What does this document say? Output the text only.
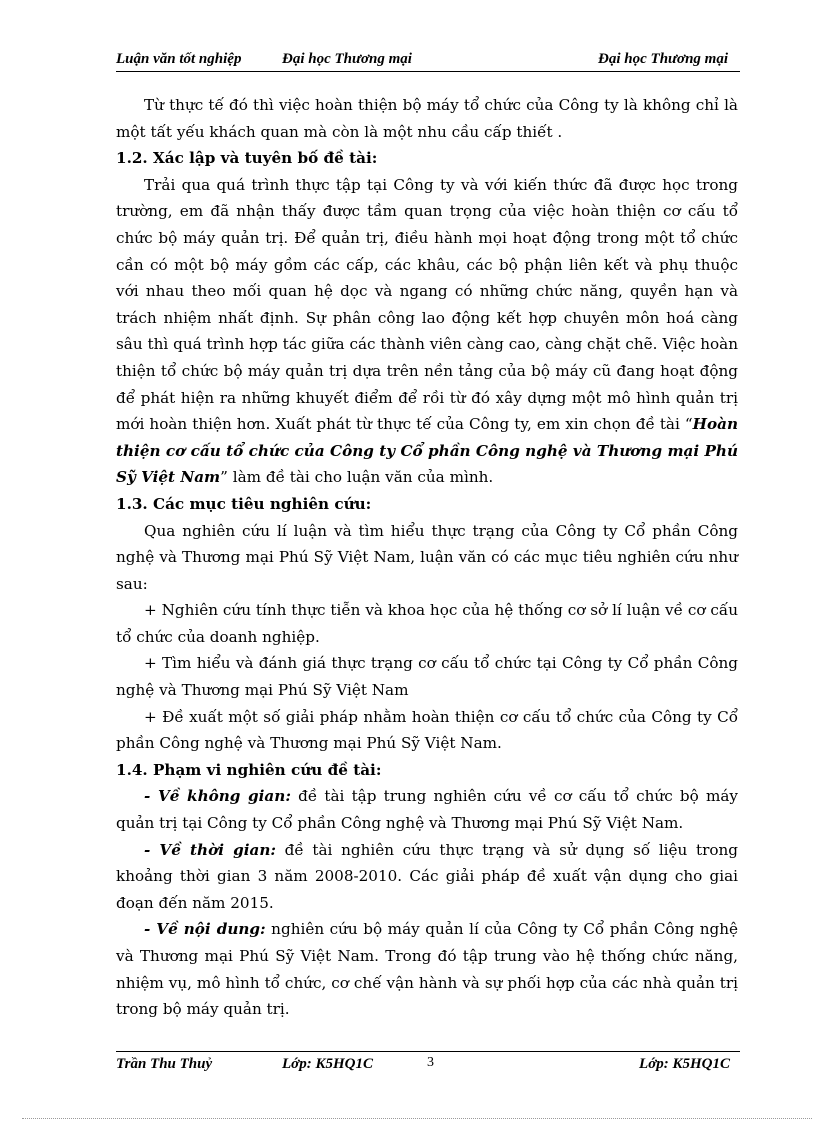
Luận văn tốt nghiệp	Đại học Thương mại	Đại học Thương mại

Từ thực tế đó thì việc hoàn thiện bộ máy tổ chức của Công ty là không chỉ là một tất yếu khách quan mà còn là một nhu cầu cấp thiết .

1.2. Xác lập và tuyên bố đề tài:

Trải qua quá trình thực tập tại Công ty và với kiến thức đã được học trong trường, em đã nhận thấy được tầm quan trọng của việc hoàn thiện cơ cấu tổ chức bộ máy quản trị. Để quản trị, điều hành mọi hoạt động trong một tổ chức cần có một bộ máy gồm các cấp, các khâu, các bộ phận liên kết và phụ thuộc với nhau theo mối quan hệ dọc và ngang có những chức năng, quyền hạn và trách nhiệm nhất định. Sự phân công lao động kết hợp chuyên môn hoá càng sâu thì quá trình hợp tác giữa các thành viên càng cao, càng chặt chẽ. Việc hoàn thiện tổ chức bộ máy quản trị dựa trên nền tảng của bộ máy cũ đang hoạt động để phát hiện ra những khuyết điểm để rồi từ đó xây dựng một mô hình quản trị mới hoàn thiện hơn. Xuất phát từ thực tế của Công ty, em xin chọn đề tài “Hoàn thiện cơ cấu tổ chức của Công ty Cổ phần Công nghệ và Thương mại Phú Sỹ Việt Nam” làm đề tài cho luận văn của mình.

1.3. Các mục tiêu nghiên cứu:

Qua nghiên cứu lí luận và tìm hiểu thực trạng của Công ty Cổ phần Công nghệ và Thương mại Phú Sỹ Việt Nam, luận văn có các mục tiêu nghiên cứu như sau:

+ Nghiên cứu tính thực tiễn và khoa học của hệ thống cơ sở lí luận về cơ cấu tổ chức của doanh nghiệp.

+ Tìm hiểu và đánh giá thực trạng cơ cấu tổ chức tại Công ty Cổ phần Công nghệ và Thương mại Phú Sỹ Việt Nam

+ Đề xuất một số giải pháp nhằm hoàn thiện cơ cấu tổ chức của Công ty Cổ phần Công nghệ và Thương mại Phú Sỹ Việt Nam.

1.4. Phạm vi nghiên cứu đề tài:

- Về không gian: đề tài tập trung nghiên cứu về cơ cấu tổ chức bộ máy quản trị tại Công ty Cổ phần Công nghệ và Thương mại Phú Sỹ Việt Nam.

- Về thời gian: đề tài nghiên cứu thực trạng và sử dụng số liệu trong khoảng thời gian 3 năm 2008-2010. Các giải pháp đề xuất vận dụng cho giai đoạn đến năm 2015.

- Về nội dung: nghiên cứu bộ máy quản lí của Công ty Cổ phần Công nghệ và Thương mại Phú Sỹ Việt Nam. Trong đó tập trung vào hệ thống chức năng, nhiệm vụ, mô hình tổ chức, cơ chế vận hành và sự phối hợp của các nhà quản trị trong bộ máy quản trị.

Trần Thu Thuỷ	Lớp: K5HQ1C	3	Lớp: K5HQ1C
